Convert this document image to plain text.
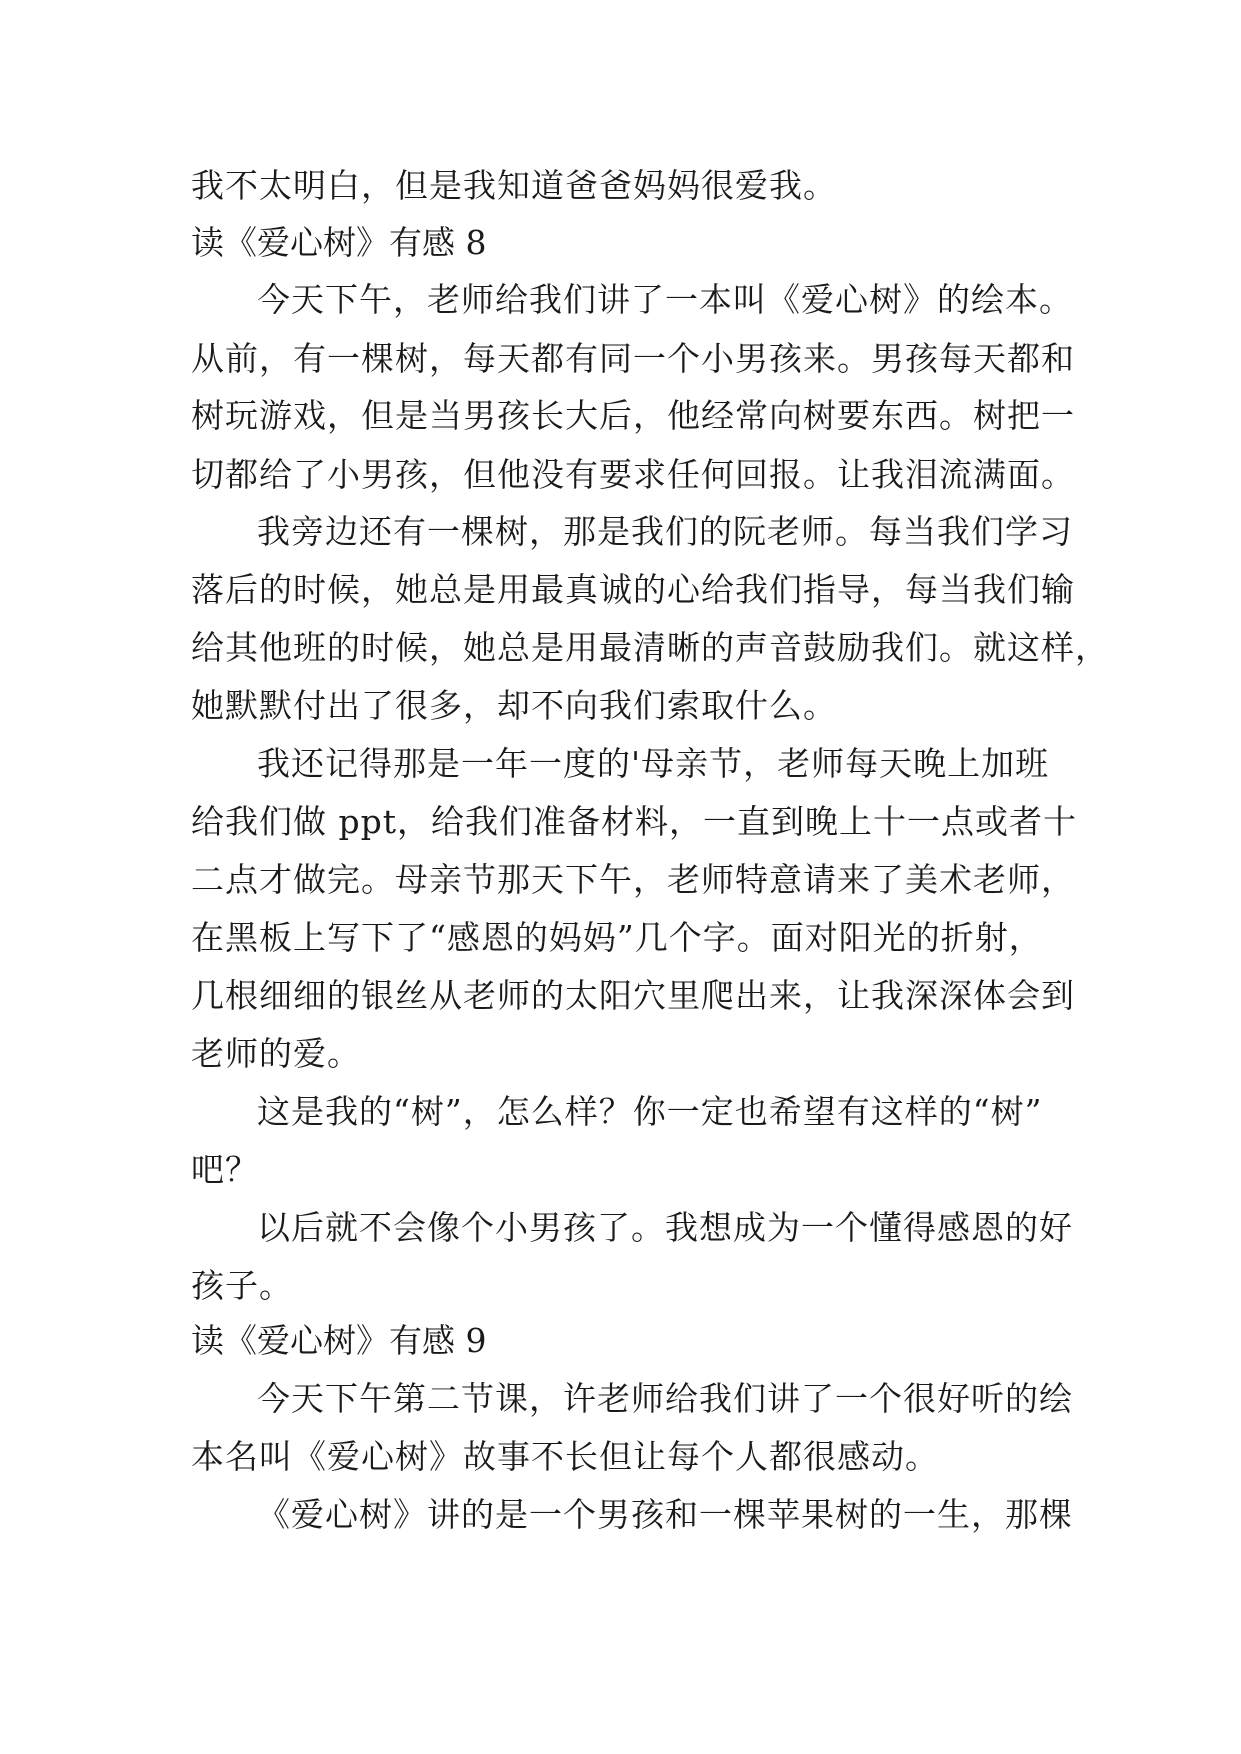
我不太明白，但是我知道爸爸妈妈很爱我。

读《爱心树》有感 8

今天下午，老师给我们讲了一本叫《爱心树》的绘本。

从前，有一棵树，每天都有同一个小男孩来。男孩每天都和

树玩游戏，但是当男孩长大后，他经常向树要东西。树把一

切都给了小男孩，但他没有要求任何回报。让我泪流满面。

我旁边还有一棵树，那是我们的阮老师。每当我们学习

落后的时候，她总是用最真诚的心给我们指导，每当我们输

给其他班的时候，她总是用最清晰的声音鼓励我们。就这样，

她默默付出了很多，却不向我们索取什么。

我还记得那是一年一度的'母亲节，老师每天晚上加班

给我们做 ppt，给我们准备材料，一直到晚上十一点或者十

二点才做完。母亲节那天下午，老师特意请来了美术老师，

在黑板上写下了“感恩的妈妈”几个字。面对阳光的折射，

几根细细的银丝从老师的太阳穴里爬出来，让我深深体会到

老师的爱。

这是我的“树”，怎么样？你一定也希望有这样的“树”

吧？

以后就不会像个小男孩了。我想成为一个懂得感恩的好

孩子。

读《爱心树》有感 9

今天下午第二节课，许老师给我们讲了一个很好听的绘

本名叫《爱心树》故事不长但让每个人都很感动。

《爱心树》讲的是一个男孩和一棵苹果树的一生，那棵
